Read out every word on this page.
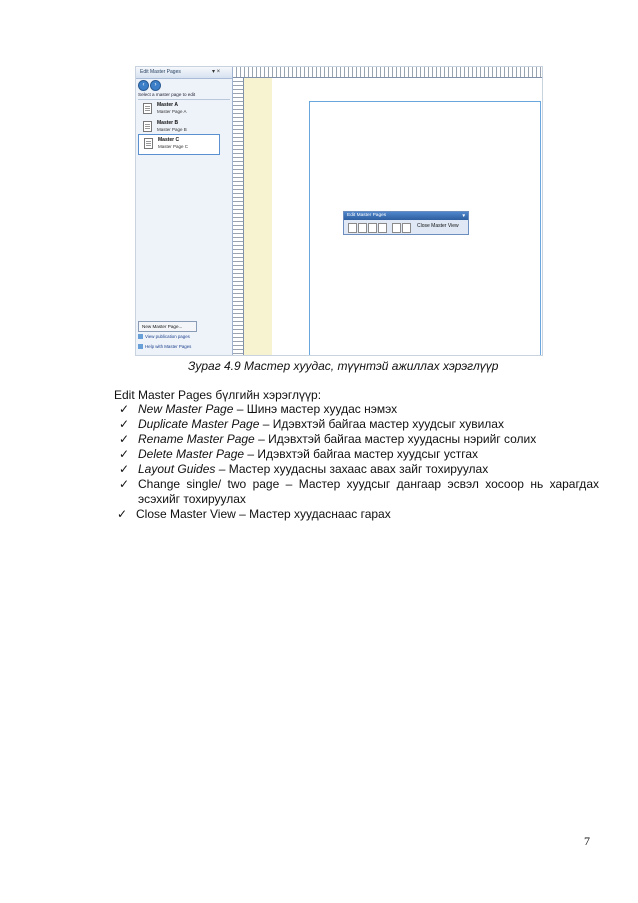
Edit Master Pages	▾ ×
‹	›
Select a master page to edit
Master A
Master Page A
Master B
Master Page B
Master C
Master Page C
New Master Page...
View publication pages
Help with Master Pages
Edit Master Pages	▾
Close Master View
Зураг 4.9 Мастер хуудас, түүнтэй ажиллах хэрэглүүр
Edit Master Pages бүлгийн хэрэглүүр:
✓ New Master Page – Шинэ мастер хуудас нэмэх
✓ Duplicate Master Page – Идэвхтэй байгаа мастер хуудсыг хувилах
✓ Rename Master Page – Идэвхтэй байгаа мастер хуудасны нэрийг солих
✓ Delete Master Page – Идэвхтэй байгаа мастер хуудсыг устгах
✓ Layout Guides – Мастер хуудасны захаас авах зайг тохируулах
✓ Change single/ two page – Мастер хуудсыг дангаар эсвэл хосоор нь харагдах эсэхийг тохируулах
✓ Close Master View – Мастер хуудаснаас гарах
7
